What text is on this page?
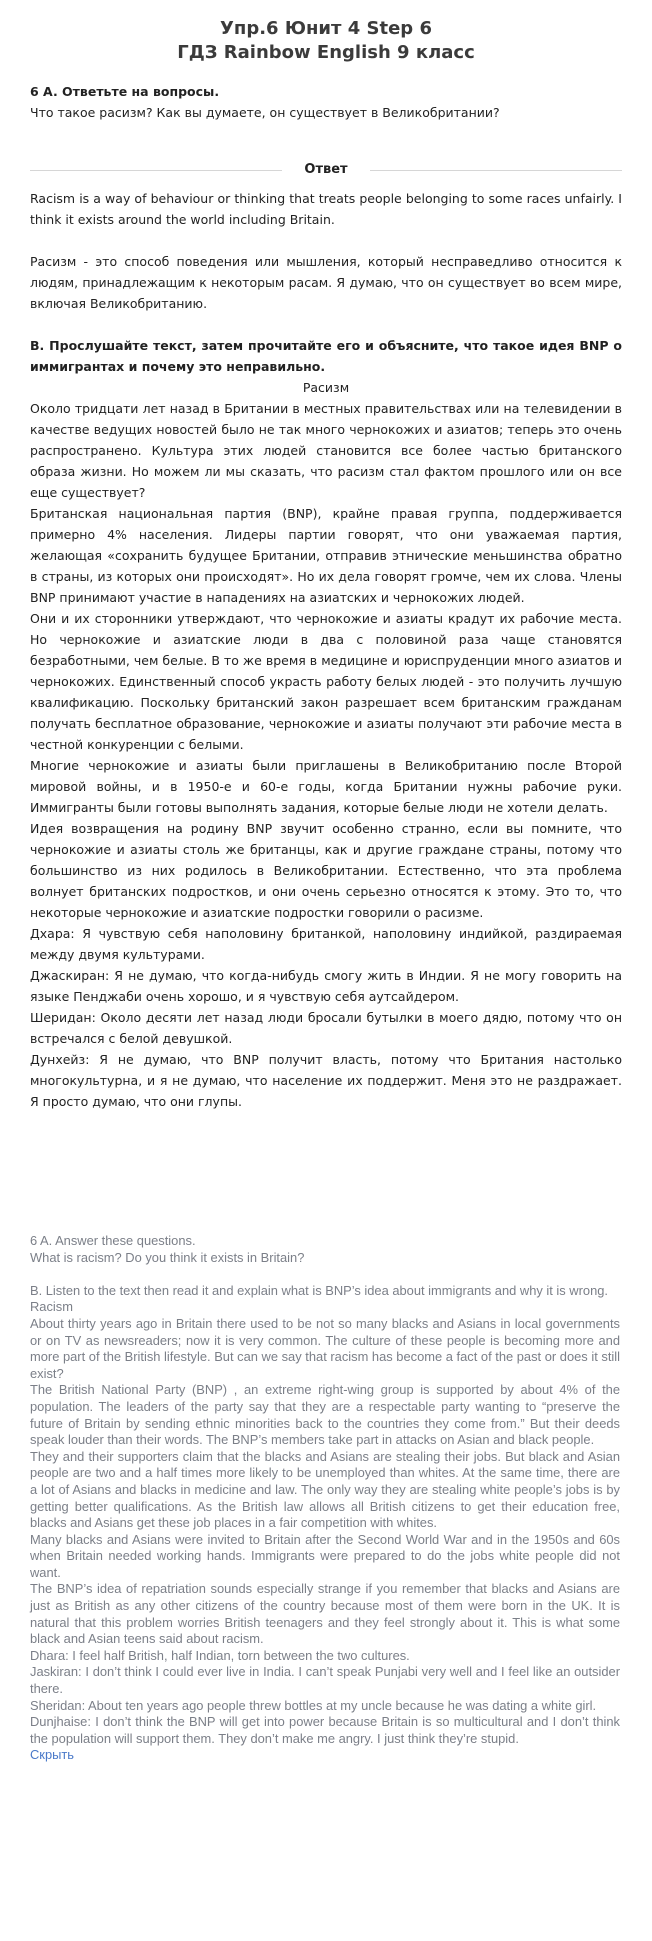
Упр.6 Юнит 4 Step 6
ГДЗ Rainbow English 9 класс
6 A. Ответьте на вопросы.
Что такое расизм? Как вы думаете, он существует в Великобритании?
Ответ

Racism is a way of behaviour or thinking that treats people belonging to some races unfairly. I think it exists around the world including Britain.

Расизм - это способ поведения или мышления, который несправедливо относится к людям, принадлежащим к некоторым расам. Я думаю, что он существует во всем мире, включая Великобританию.

B. Прослушайте текст, затем прочитайте его и объясните, что такое идея BNP о иммигрантах и почему это неправильно.

Расизм

Около тридцати лет назад в Британии в местных правительствах или на телевидении в качестве ведущих новостей было не так много чернокожих и азиатов; теперь это очень распространено. Культура этих людей становится все более частью британского образа жизни. Но можем ли мы сказать, что расизм стал фактом прошлого или он все еще существует?

Британская национальная партия (BNP), крайне правая группа, поддерживается примерно 4% населения. Лидеры партии говорят, что они уважаемая партия, желающая «сохранить будущее Британии, отправив этнические меньшинства обратно в страны, из которых они происходят». Но их дела говорят громче, чем их слова. Члены BNP принимают участие в нападениях на азиатских и чернокожих людей.

Они и их сторонники утверждают, что чернокожие и азиаты крадут их рабочие места. Но чернокожие и азиатские люди в два с половиной раза чаще становятся безработными, чем белые. В то же время в медицине и юриспруденции много азиатов и чернокожих. Единственный способ украсть работу белых людей - это получить лучшую квалификацию. Поскольку британский закон разрешает всем британским гражданам получать бесплатное образование, чернокожие и азиаты получают эти рабочие места в честной конкуренции с белыми.

Многие чернокожие и азиаты были приглашены в Великобританию после Второй мировой войны, и в 1950-е и 60-е годы, когда Британии нужны рабочие руки. Иммигранты были готовы выполнять задания, которые белые люди не хотели делать.

Идея возвращения на родину BNP звучит особенно странно, если вы помните, что чернокожие и азиаты столь же британцы, как и другие граждане страны, потому что большинство из них родилось в Великобритании. Естественно, что эта проблема волнует британских подростков, и они очень серьезно относятся к этому. Это то, что некоторые чернокожие и азиатские подростки говорили о расизме.

Дхара: Я чувствую себя наполовину британкой, наполовину индийкой, раздираемая между двумя культурами.

Джаскиран: Я не думаю, что когда-нибудь смогу жить в Индии. Я не могу говорить на языке Пенджаби очень хорошо, и я чувствую себя аутсайдером.

Шеридан: Около десяти лет назад люди бросали бутылки в моего дядю, потому что он встречался с белой девушкой.

Дунхейз: Я не думаю, что BNP получит власть, потому что Британия настолько многокультурна, и я не думаю, что население их поддержит. Меня это не раздражает. Я просто думаю, что они глупы.

6 A. Answer these questions.

What is racism? Do you think it exists in Britain?

B. Listen to the text then read it and explain what is BNP’s idea about immigrants and why it is wrong.

Racism

About thirty years ago in Britain there used to be not so many blacks and Asians in local governments or on TV as newsreaders; now it is very common. The culture of these people is becoming more and more part of the British lifestyle. But can we say that racism has become a fact of the past or does it still exist?

The British National Party (BNP) , an extreme right-wing group is supported by about 4% of the population. The leaders of the party say that they are a respectable party wanting to “preserve the future of Britain by sending ethnic minorities back to the countries they come from.” But their deeds speak louder than their words. The BNP’s members take part in attacks on Asian and black people.

They and their supporters claim that the blacks and Asians are stealing their jobs. But black and Asian people are two and a half times more likely to be unemployed than whites. At the same time, there are a lot of Asians and blacks in medicine and law. The only way they are stealing white people’s jobs is by getting better qualifications. As the British law allows all British citizens to get their education free, blacks and Asians get these job places in a fair competition with whites.

Many blacks and Asians were invited to Britain after the Second World War and in the 1950s and 60s when Britain needed working hands. Immigrants were prepared to do the jobs white people did not want.

The BNP’s idea of repatriation sounds especially strange if you remember that blacks and Asians are just as British as any other citizens of the country because most of them were born in the UK. It is natural that this problem worries British teenagers and they feel strongly about it. This is what some black and Asian teens said about racism.

Dhara: I feel half British, half Indian, torn between the two cultures.

Jaskiran: I don’t think I could ever live in India. I can’t speak Punjabi very well and I feel like an outsider there.

Sheridan: About ten years ago people threw bottles at my uncle because he was dating a white girl.

Dunjhaise: I don’t think the BNP will get into power because Britain is so multicultural and I don’t think the population will support them. They don’t make me angry. I just think they’re stupid.

Скрыть
